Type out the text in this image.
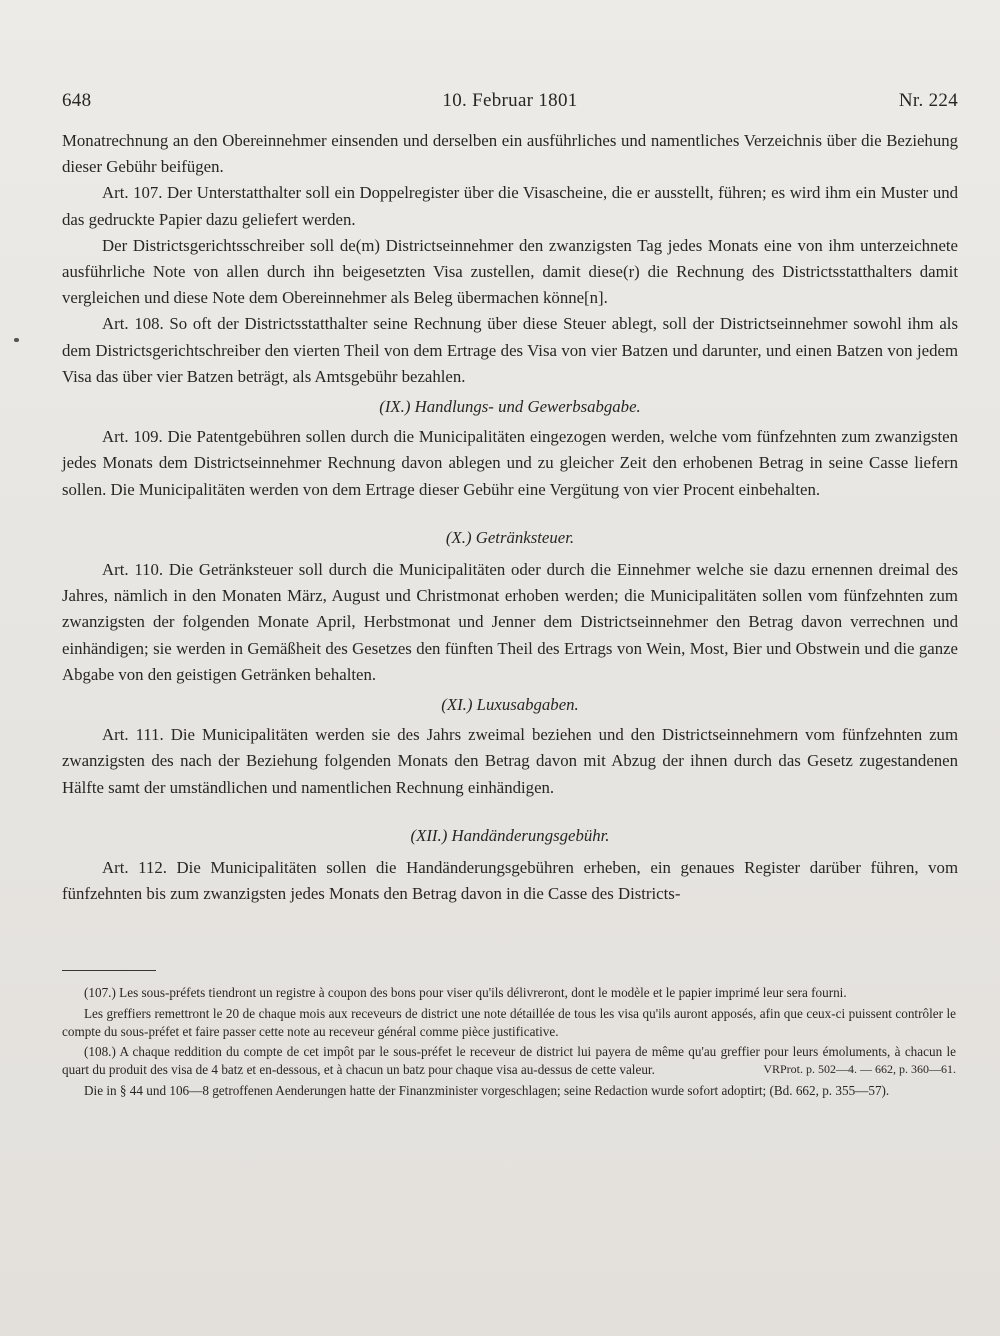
648	10. Februar 1801	Nr. 224

Monatrechnung an den Obereinnehmer einsenden und derselben ein ausführliches und namentliches Verzeichnis über die Beziehung dieser Gebühr beifügen.

Art. 107. Der Unterstatthalter soll ein Doppelregister über die Visascheine, die er ausstellt, führen; es wird ihm ein Muster und das gedruckte Papier dazu geliefert werden.

Der Districtsgerichtsschreiber soll de(m) Districtseinnehmer den zwanzigsten Tag jedes Monats eine von ihm unterzeichnete ausführliche Note von allen durch ihn beigesetzten Visa zustellen, damit diese(r) die Rechnung des Districtsstatthalters damit vergleichen und diese Note dem Obereinnehmer als Beleg übermachen könne[n].

Art. 108. So oft der Districtsstatthalter seine Rechnung über diese Steuer ablegt, soll der Districtseinnehmer sowohl ihm als dem Districtsgerichtschreiber den vierten Theil von dem Ertrage des Visa von vier Batzen und darunter, und einen Batzen von jedem Visa das über vier Batzen beträgt, als Amtsgebühr bezahlen.

(IX.) Handlungs- und Gewerbsabgabe.

Art. 109. Die Patentgebühren sollen durch die Municipalitäten eingezogen werden, welche vom fünfzehnten zum zwanzigsten jedes Monats dem Districtseinnehmer Rechnung davon ablegen und zu gleicher Zeit den erhobenen Betrag in seine Casse liefern sollen. Die Municipalitäten werden von dem Ertrage dieser Gebühr eine Vergütung von vier Procent einbehalten.

(X.) Getränksteuer.

Art. 110. Die Getränksteuer soll durch die Municipalitäten oder durch die Einnehmer welche sie dazu ernennen dreimal des Jahres, nämlich in den Monaten März, August und Christmonat erhoben werden; die Municipalitäten sollen vom fünfzehnten zum zwanzigsten der folgenden Monate April, Herbstmonat und Jenner dem Districtseinnehmer den Betrag davon verrechnen und einhändigen; sie werden in Gemäßheit des Gesetzes den fünften Theil des Ertrags von Wein, Most, Bier und Obstwein und die ganze Abgabe von den geistigen Getränken behalten.

(XI.) Luxusabgaben.

Art. 111. Die Municipalitäten werden sie des Jahrs zweimal beziehen und den Districtseinnehmern vom fünfzehnten zum zwanzigsten des nach der Beziehung folgenden Monats den Betrag davon mit Abzug der ihnen durch das Gesetz zugestandenen Hälfte samt der umständlichen und namentlichen Rechnung einhändigen.

(XII.) Handänderungsgebühr.

Art. 112. Die Municipalitäten sollen die Handänderungsgebühren erheben, ein genaues Register darüber führen, vom fünfzehnten bis zum zwanzigsten jedes Monats den Betrag davon in die Casse des Districts-

(107.) Les sous-préfets tiendront un registre à coupon des bons pour viser qu'ils délivreront, dont le modèle et le papier imprimé leur sera fourni.

Les greffiers remettront le 20 de chaque mois aux receveurs de district une note détaillée de tous les visa qu'ils auront apposés, afin que ceux-ci puissent contrôler le compte du sous-préfet et faire passer cette note au receveur général comme pièce justificative.

(108.) A chaque reddition du compte de cet impôt par le sous-préfet le receveur de district lui payera de même qu'au greffier pour leurs émoluments, à chacun le quart du produit des visa de 4 batz et en-dessous, et à chacun un batz pour chaque visa au-dessus de cette valeur.	VRProt. p. 502—4. — 662, p. 360—61.

Die in § 44 und 106—8 getroffenen Aenderungen hatte der Finanzminister vorgeschlagen; seine Redaction wurde sofort adoptirt; (Bd. 662, p. 355—57).
